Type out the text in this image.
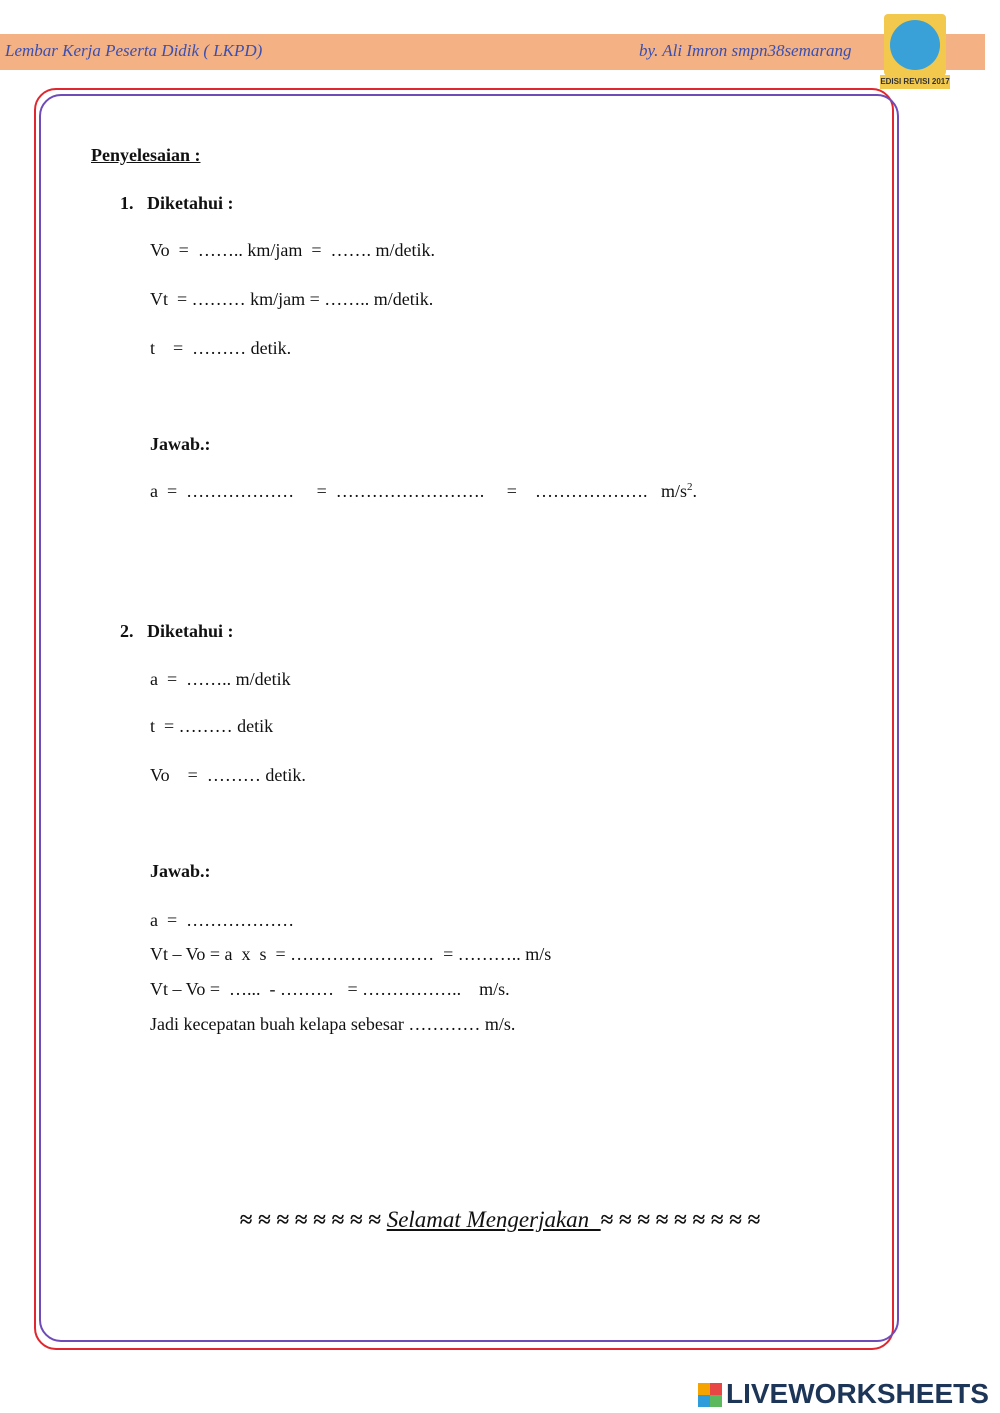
Lembar Kerja Peserta Didik ( LKPD)	by. Ali Imron smpn38semarang
EDISI REVISI 2017
Penyelesaian :
1.   Diketahui :
Vo  =  …….. km/jam  =  ……. m/detik.
Vt  = ……… km/jam = …….. m/detik.
t    =  ……… detik.
Jawab.:
a  =  ………………     =  …………………….     =    ……………….   $m/s^2$.
2.   Diketahui :
a  =  …….. m/detik
t  = ……… detik
Vo    =  ……… detik.
Jawab.:
a  =  ………………
Vt – Vo = a  x  s  = ……………………  = ……….. m/s
Vt – Vo =  …...  - ………   = ……………..    m/s.
Jadi kecepatan buah kelapa sebesar ………… m/s.
≈ ≈ ≈ ≈ ≈ ≈ ≈ ≈ Selamat Mengerjakan  ≈ ≈ ≈ ≈ ≈ ≈ ≈ ≈ ≈
LIVEWORKSHEETS
